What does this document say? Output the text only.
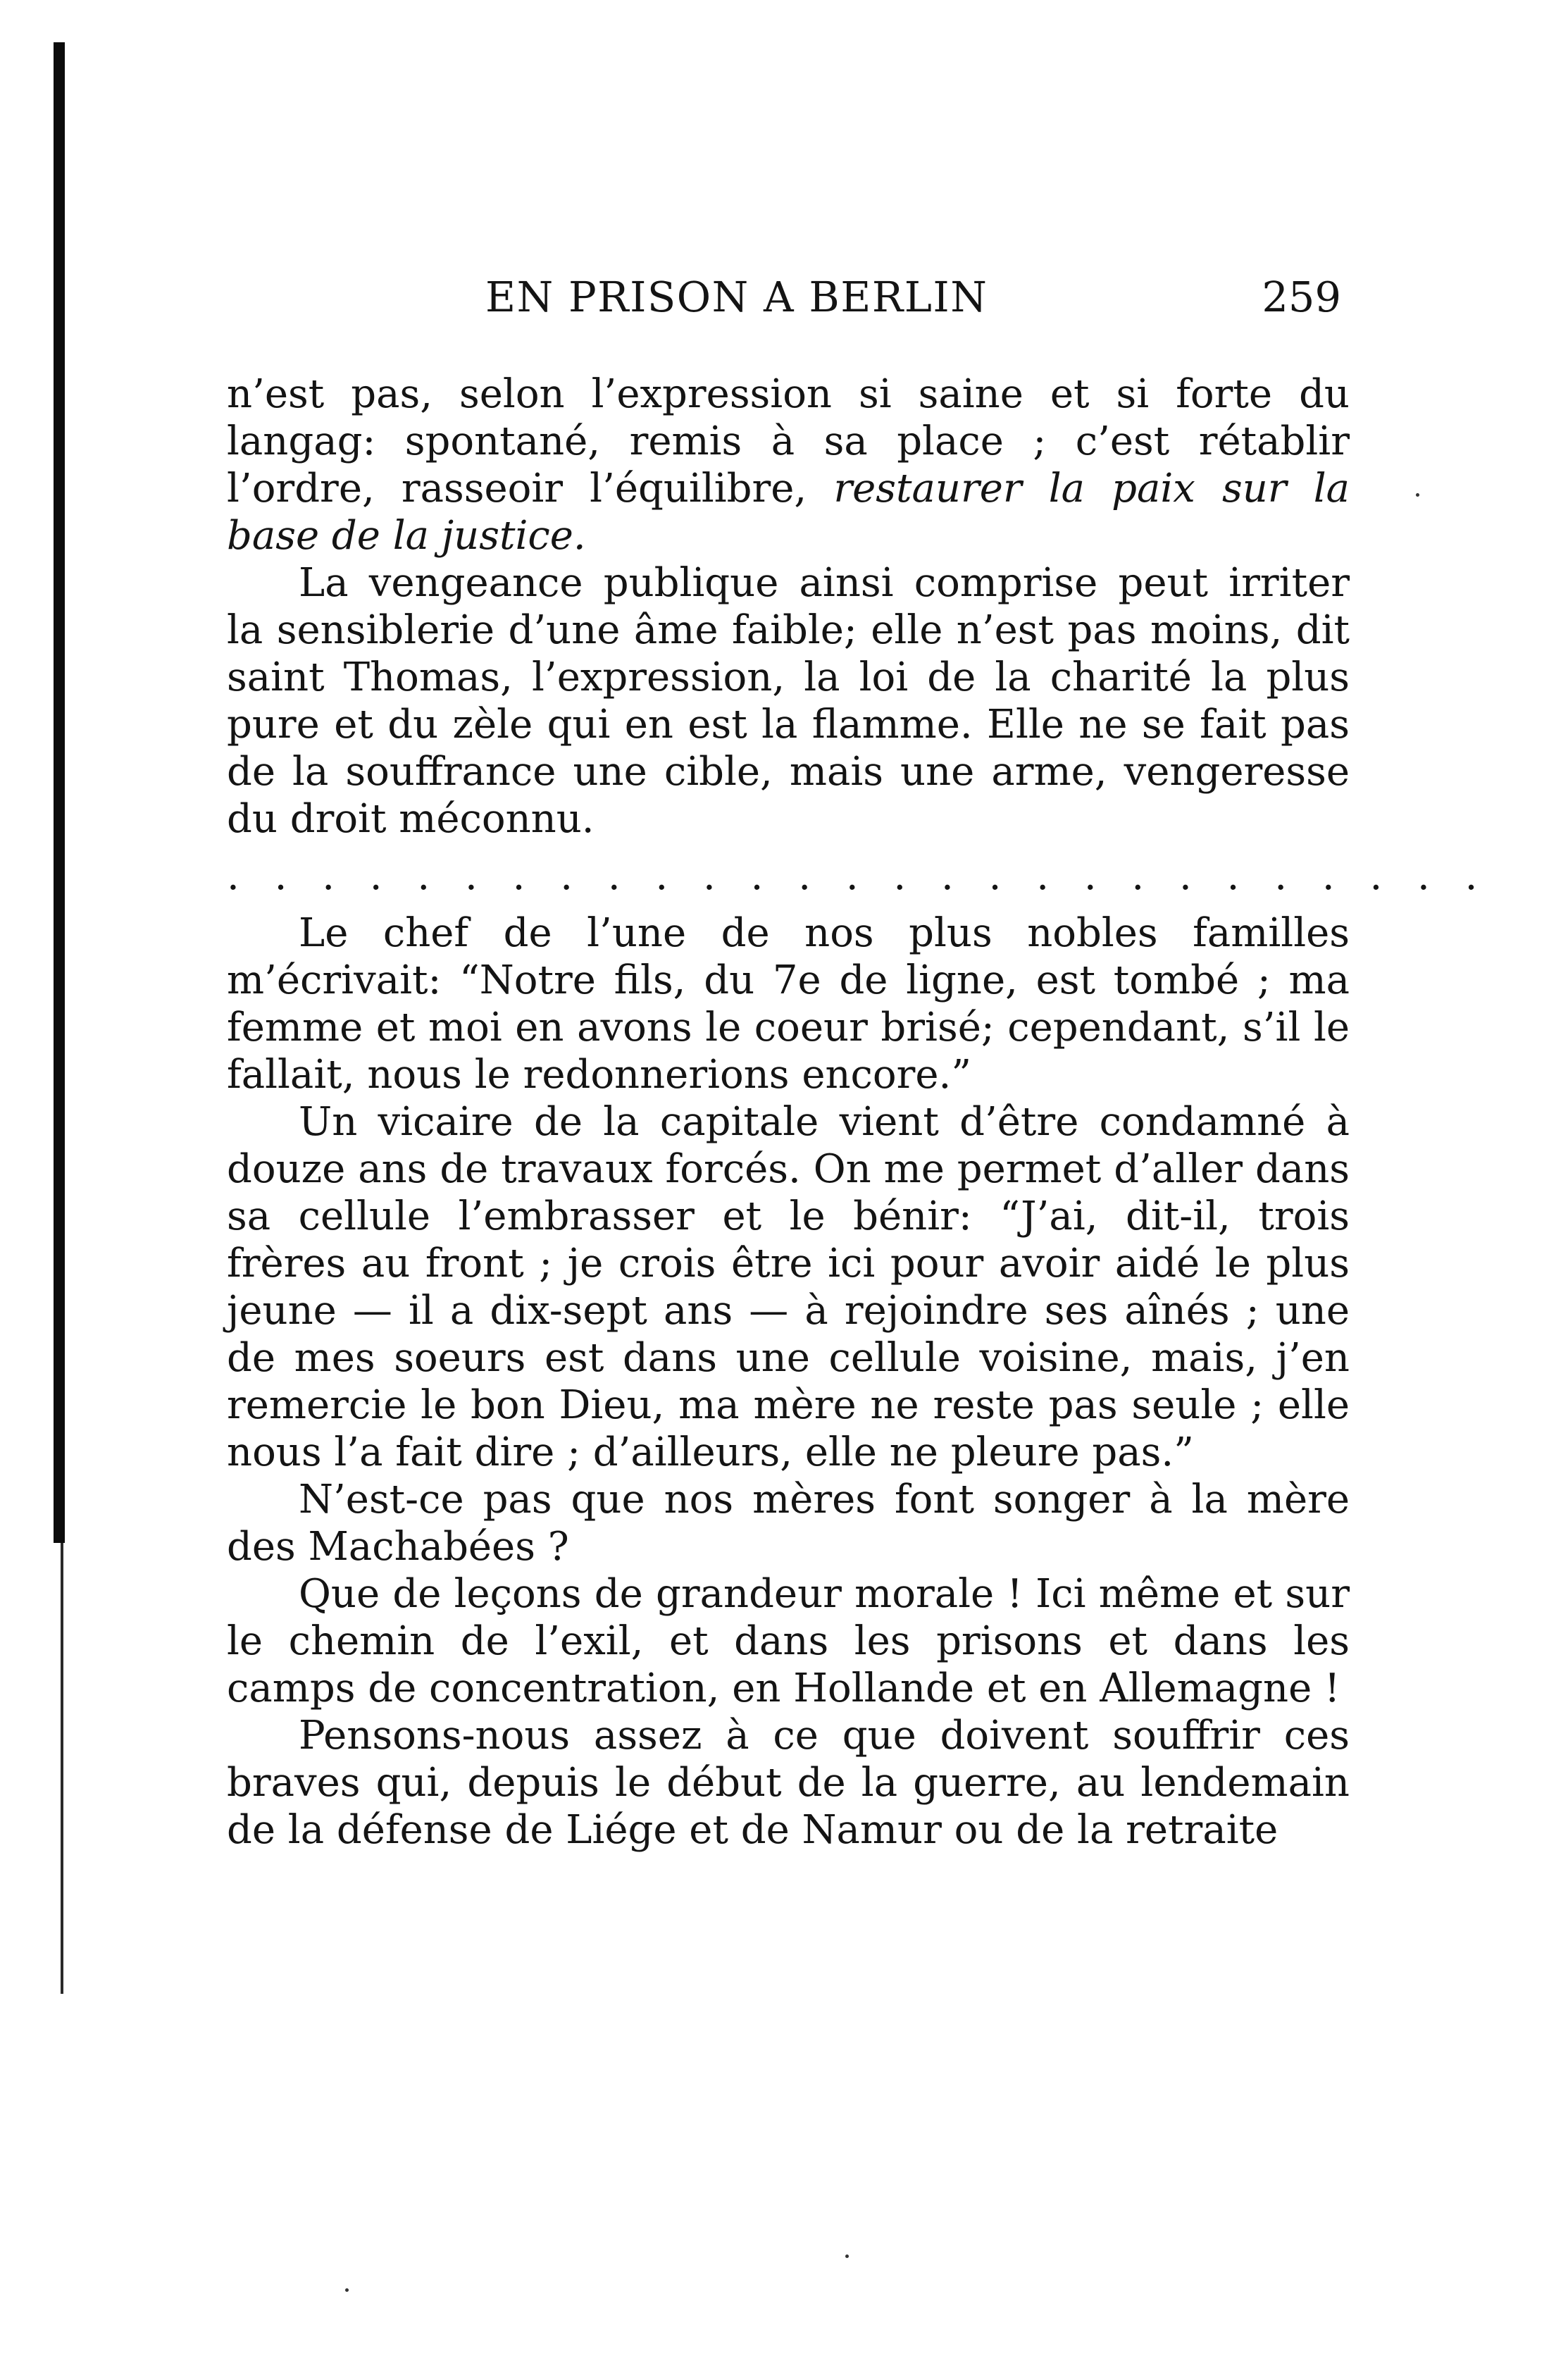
EN PRISON A BERLIN	259

n’est pas, selon l’expression si saine et si forte du langag: spontané, remis à sa place ; c’est rétablir l’ordre, rasseoir l’équilibre, restaurer la paix sur la base de la justice.

La vengeance publique ainsi comprise peut irriter la sensiblerie d’une âme faible; elle n’est pas moins, dit saint Thomas, l’expression, la loi de la charité la plus pure et du zèle qui en est la flamme. Elle ne se fait pas de la souffrance une cible, mais une arme, vengeresse du droit méconnu.

. . . . . . . . . . . . . . . . . . . . . . . . . . .

Le chef de l’une de nos plus nobles familles m’écrivait: “Notre fils, du 7e de ligne, est tombé ; ma femme et moi en avons le coeur brisé; cependant, s’il le fallait, nous le redonnerions encore.”

Un vicaire de la capitale vient d’être condamné à douze ans de travaux forcés. On me permet d’aller dans sa cellule l’embrasser et le bénir: “J’ai, dit-il, trois frères au front ; je crois être ici pour avoir aidé le plus jeune — il a dix-sept ans — à rejoindre ses aînés ; une de mes soeurs est dans une cellule voisine, mais, j’en remercie le bon Dieu, ma mère ne reste pas seule ; elle nous l’a fait dire ; d’ailleurs, elle ne pleure pas.”

N’est-ce pas que nos mères font songer à la mère des Machabées ?

Que de leçons de grandeur morale ! Ici même et sur le chemin de l’exil, et dans les prisons et dans les camps de concentration, en Hollande et en Allemagne !

Pensons-nous assez à ce que doivent souffrir ces braves qui, depuis le début de la guerre, au lendemain de la défense de Liége et de Namur ou de la retraite
